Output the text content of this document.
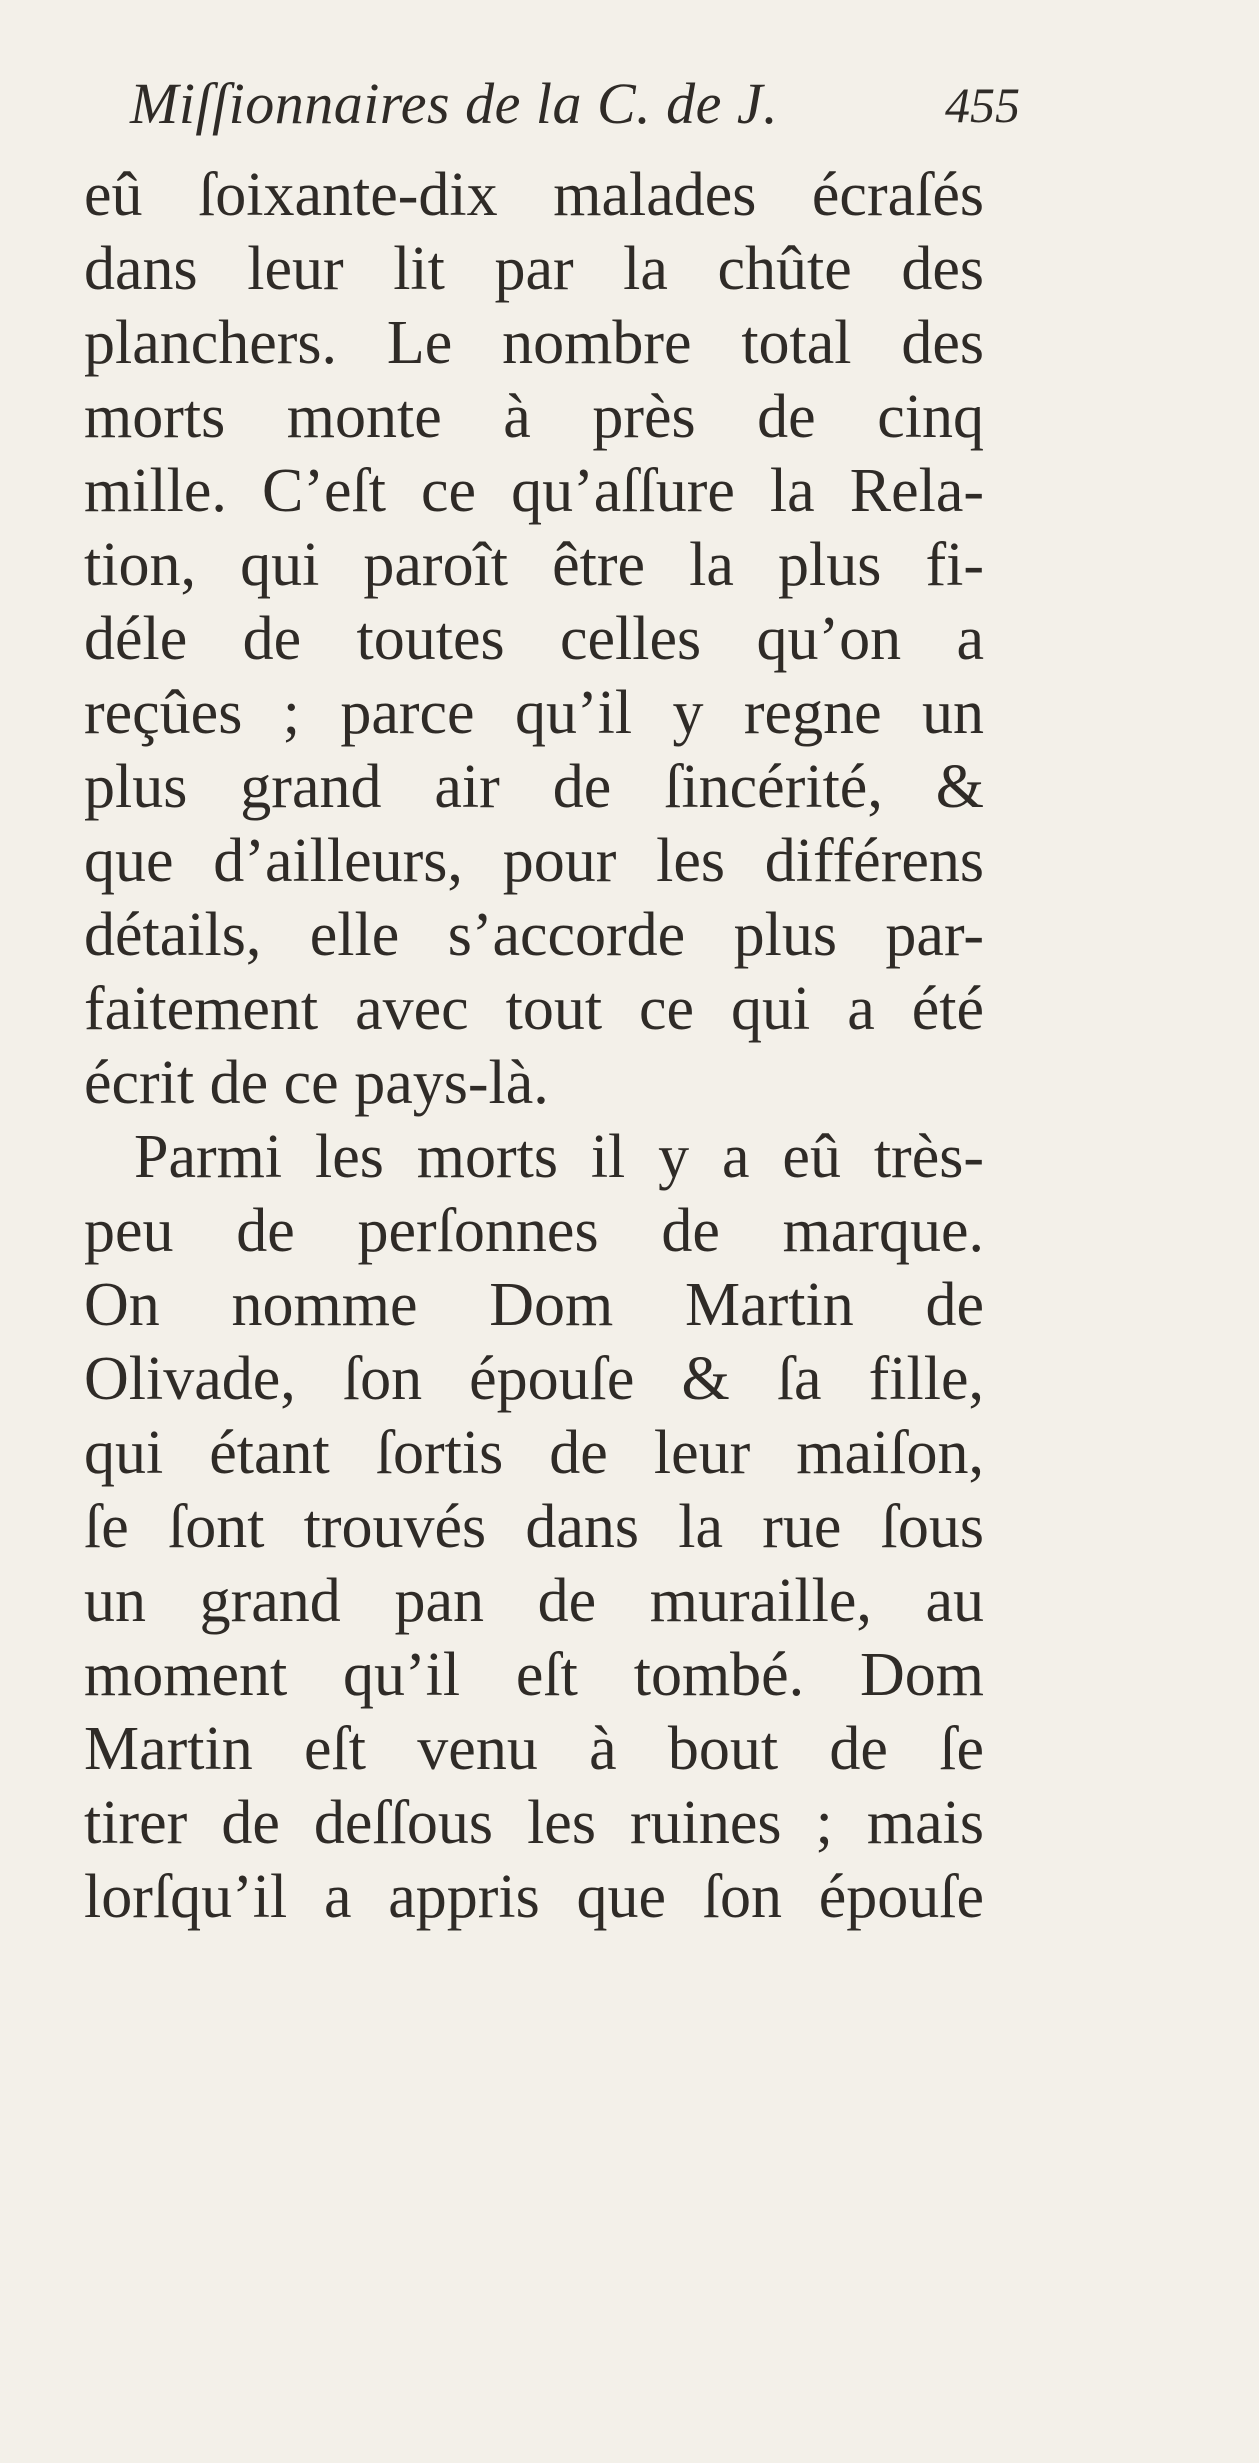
Miſſionnaires de la C. de J.	455
eû ſoixante-dix malades écraſés
dans leur lit par la chûte des
planchers. Le nombre total des
morts monte à près de cinq
mille. C’eſt ce qu’aſſure la Rela-
tion, qui paroît être la plus fi-
déle de toutes celles qu’on a
reçûes ; parce qu’il y regne un
plus grand air de ſincérité, &
que d’ailleurs, pour les différens
détails, elle s’accorde plus par-
faitement avec tout ce qui a été
écrit de ce pays-là.
Parmi les morts il y a eû très-
peu de perſonnes de marque.
On nomme Dom Martin de
Olivade, ſon épouſe & ſa fille,
qui étant ſortis de leur maiſon,
ſe ſont trouvés dans la rue ſous
un grand pan de muraille, au
moment qu’il eſt tombé. Dom
Martin eſt venu à bout de ſe
tirer de deſſous les ruines ; mais
lorſqu’il a appris que ſon épouſe
